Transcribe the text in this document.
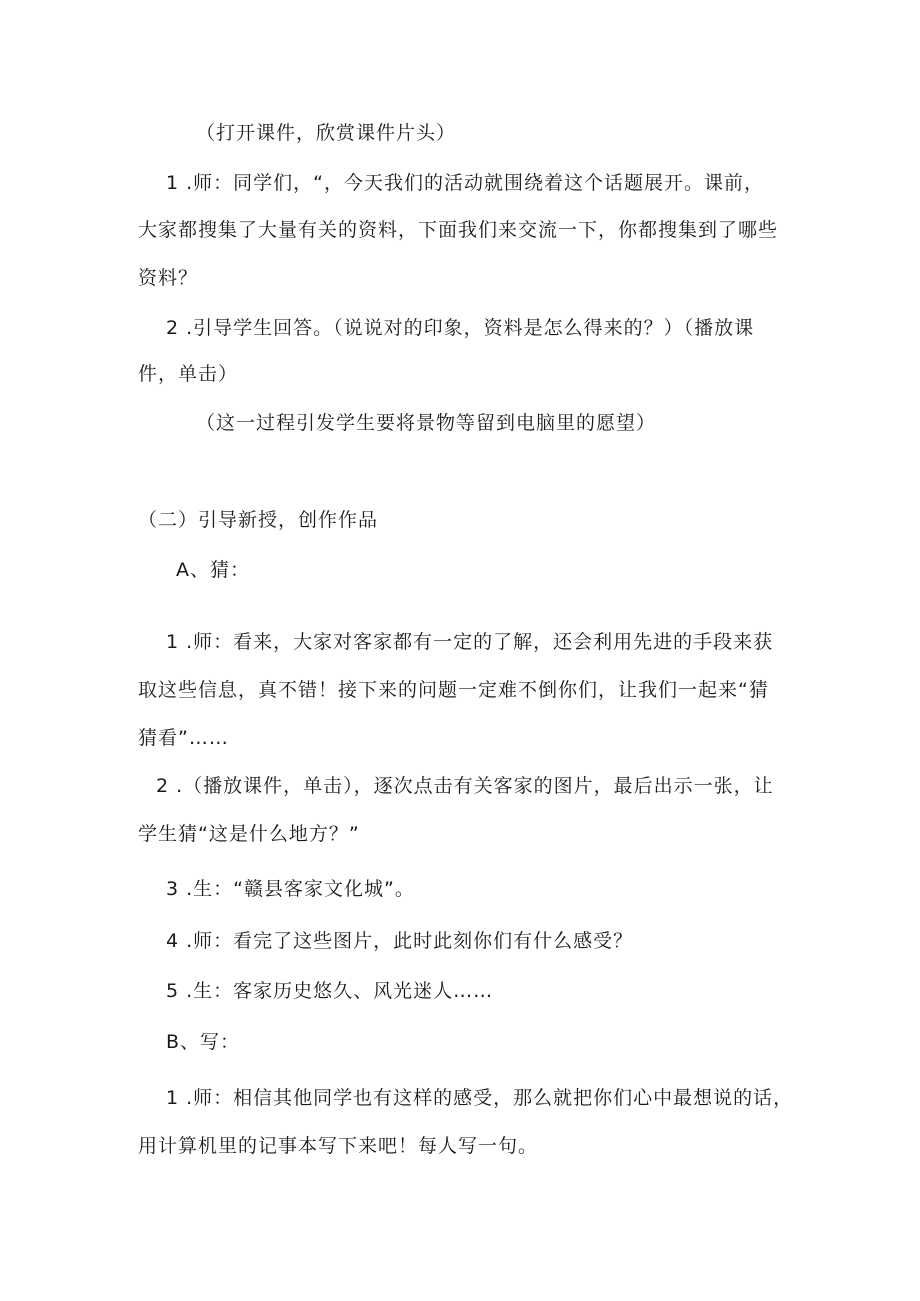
（打开课件，欣赏课件片头）
1 .师：同学们，“，今天我们的活动就围绕着这个话题展开。课前，
大家都搜集了大量有关的资料，下面我们来交流一下，你都搜集到了哪些
资料？
2 .引导学生回答。（说说对的印象，资料是怎么得来的？）（播放课
件，单击）
（这一过程引发学生要将景物等留到电脑里的愿望）
（二）引导新授，创作作品
A、猜：
1 .师：看来，大家对客家都有一定的了解，还会利用先进的手段来获
取这些信息，真不错！接下来的问题一定难不倒你们，让我们一起来“猜
猜看”……
2 .（播放课件，单击），逐次点击有关客家的图片，最后出示一张，让
学生猜“这是什么地方？”
3 .生：“赣县客家文化城”。
4 .师：看完了这些图片，此时此刻你们有什么感受？
5 .生：客家历史悠久、风光迷人……
B、写：
1 .师：相信其他同学也有这样的感受，那么就把你们心中最想说的话，
用计算机里的记事本写下来吧！每人写一句。
